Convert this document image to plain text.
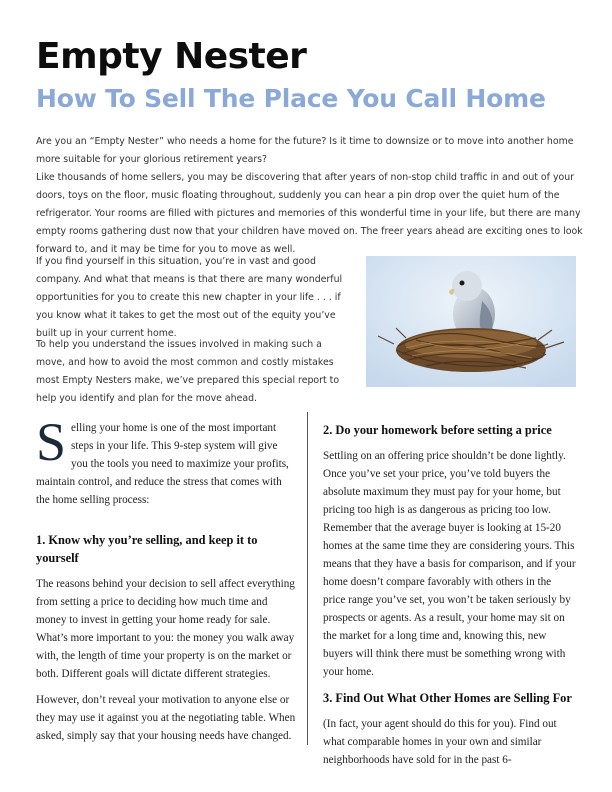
Empty Nester
How To Sell The Place You Call Home

Are you an “Empty Nester” who needs a home for the future? Is it time to downsize or to move into another home more suitable for your glorious retirement years?

Like thousands of home sellers, you may be discovering that after years of non-stop child traffic in and out of your doors, toys on the floor, music floating throughout, suddenly you can hear a pin drop over the quiet hum of the refrigerator. Your rooms are filled with pictures and memories of this wonderful time in your life, but there are many empty rooms gathering dust now that your children have moved on. The freer years ahead are exciting ones to look forward to, and it may be time for you to move as well.

If you find yourself in this situation, you’re in vast and good company. And what that means is that there are many wonderful opportunities for you to create this new chapter in your life . . . if you know what it takes to get the most out of the equity you’ve built up in your current home.

To help you understand the issues involved in making such a move, and how to avoid the most common and costly mistakes most Empty Nesters make, we’ve prepared this special report to help you identify and plan for the move ahead.

Selling your home is one of the most important steps in your life. This 9-step system will give you the tools you need to maximize your profits, maintain control, and reduce the stress that comes with the home selling process:
1. Know why you’re selling, and keep it to yourself

The reasons behind your decision to sell affect everything from setting a price to deciding how much time and money to invest in getting your home ready for sale. What’s more important to you: the money you walk away with, the length of time your property is on the market or both. Different goals will dictate different strategies.

However, don’t reveal your motivation to anyone else or they may use it against you at the negotiating table. When asked, simply say that your housing needs have changed.

2. Do your homework before setting a price

Settling on an offering price shouldn’t be done lightly. Once you’ve set your price, you’ve told buyers the absolute maximum they must pay for your home, but pricing too high is as dangerous as pricing too low. Remember that the average buyer is looking at 15-20 homes at the same time they are considering yours. This means that they have a basis for comparison, and if your home doesn’t compare favorably with others in the price range you’ve set, you won’t be taken seriously by prospects or agents. As a result, your home may sit on the market for a long time and, knowing this, new buyers will think there must be something wrong with your home.

3. Find Out What Other Homes are Selling For

(In fact, your agent should do this for you). Find out what comparable homes in your own and similar neighborhoods have sold for in the past 6-
